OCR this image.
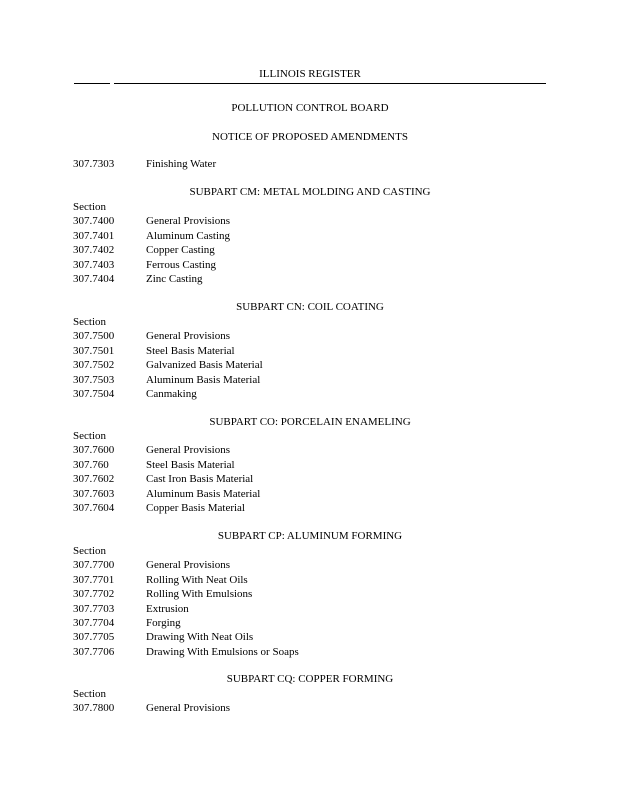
ILLINOIS REGISTER
POLLUTION CONTROL BOARD
NOTICE OF PROPOSED AMENDMENTS
307.7303	Finishing Water
SUBPART CM: METAL MOLDING AND CASTING
Section
307.7400	General Provisions
307.7401	Aluminum Casting
307.7402	Copper Casting
307.7403	Ferrous Casting
307.7404	Zinc Casting
SUBPART CN: COIL COATING
Section
307.7500	General Provisions
307.7501	Steel Basis Material
307.7502	Galvanized Basis Material
307.7503	Aluminum Basis Material
307.7504	Canmaking
SUBPART CO: PORCELAIN ENAMELING
Section
307.7600	General Provisions
307.760	Steel Basis Material
307.7602	Cast Iron Basis Material
307.7603	Aluminum Basis Material
307.7604	Copper Basis Material
SUBPART CP: ALUMINUM FORMING
Section
307.7700	General Provisions
307.7701	Rolling With Neat Oils
307.7702	Rolling With Emulsions
307.7703	Extrusion
307.7704	Forging
307.7705	Drawing With Neat Oils
307.7706	Drawing With Emulsions or Soaps
SUBPART CQ: COPPER FORMING
Section
307.7800	General Provisions
